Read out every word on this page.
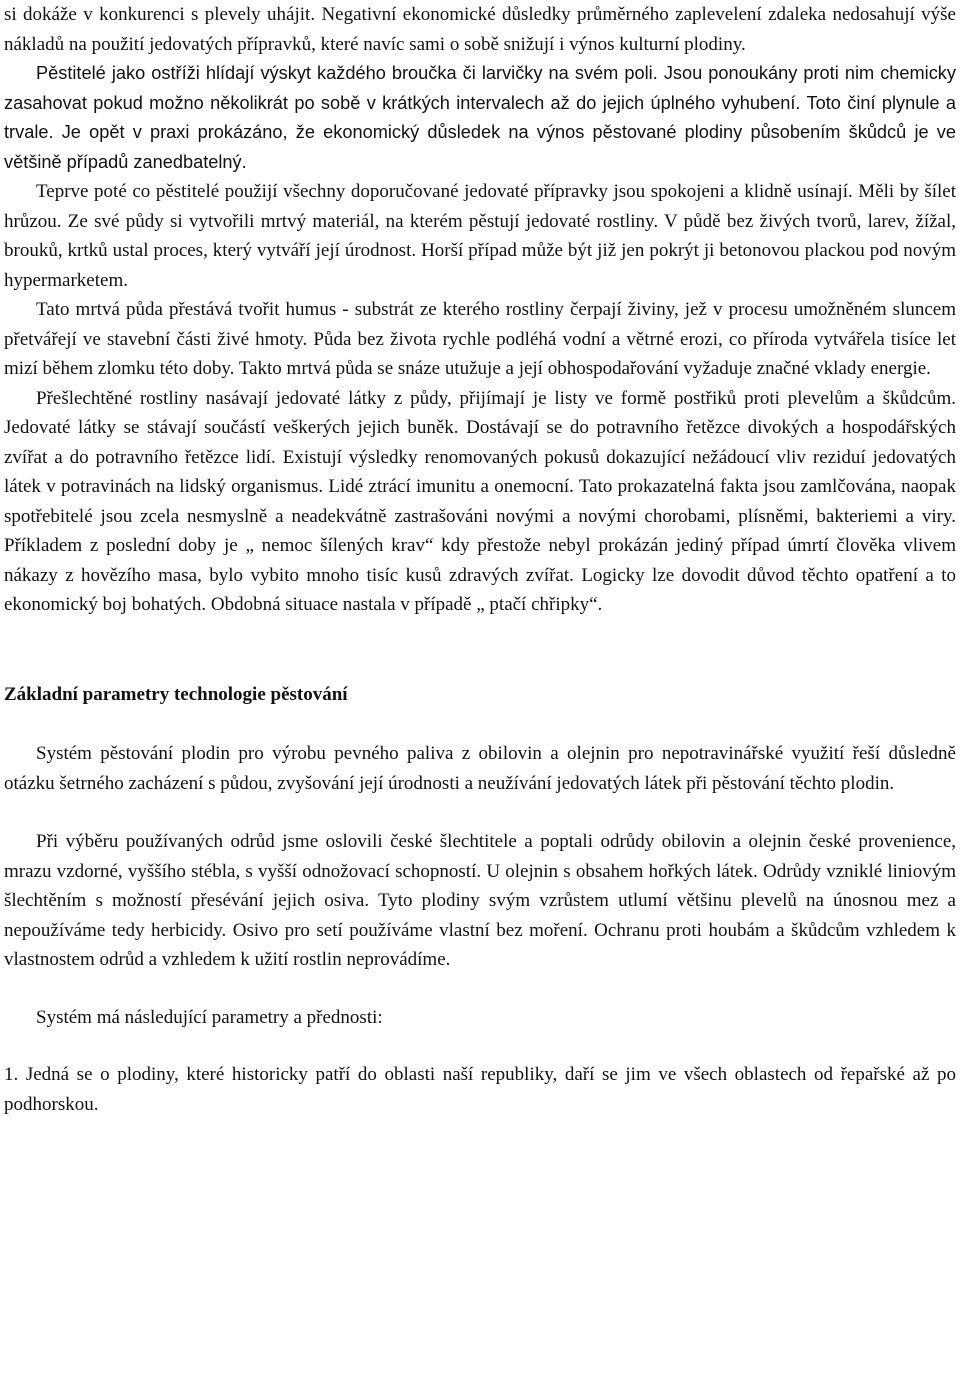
si dokáže v konkurenci s plevely uhájit. Negativní ekonomické důsledky průměrného zaplevelení zdaleka nedosahují výše nákladů na použití jedovatých přípravků, které navíc sami o sobě snižují i výnos kulturní plodiny.

Pěstitelé jako ostříži hlídají výskyt každého broučka či larvičky na svém poli. Jsou ponoukány proti nim chemicky zasahovat pokud možno několikrát po sobě v krátkých intervalech až do jejich úplného vyhubení. Toto činí plynule a trvale. Je opět v praxi prokázáno, že ekonomický důsledek na výnos pěstované plodiny působením škůdců je ve většině případů zanedbatelný.

Teprve poté co pěstitelé použijí všechny doporučované jedovaté přípravky jsou spokojeni a klidně usínají. Měli by šílet hrůzou. Ze své půdy si vytvořili mrtvý materiál, na kterém pěstují jedovaté rostliny. V půdě bez živých tvorů, larev, žížal, brouků, krtků ustal proces, který vytváří její úrodnost. Horší případ může být již jen pokrýt ji betonovou plackou pod novým hypermarketem.

Tato mrtvá půda přestává tvořit humus - substrát ze kterého rostliny čerpají živiny, jež v procesu umožněném sluncem přetvářejí ve stavební části živé hmoty. Půda bez života rychle podléhá vodní a větrné erozi, co příroda vytvářela tisíce let mizí během zlomku této doby. Takto mrtvá půda se snáze utužuje a její obhospodařování vyžaduje značné vklady energie.

Přešlechtěné rostliny nasávají jedovaté látky z půdy, přijímají je listy ve formě postřiků proti plevelům a škůdcům. Jedovaté látky se stávají součástí veškerých jejich buněk. Dostávají se do potravního řetězce divokých a hospodářských zvířat a do potravního řetězce lidí. Existují výsledky renomovaných pokusů dokazující nežádoucí vliv reziduí jedovatých látek v potravinách na lidský organismus. Lidé ztrácí imunitu a onemocní. Tato prokazatelná fakta jsou zamlčována, naopak spotřebitelé jsou zcela nesmyslně a neadekvátně zastrašováni novými a novými chorobami, plísněmi, bakteriemi a viry. Příkladem z poslední doby je „ nemoc šílených krav“ kdy přestože nebyl prokázán jediný případ úmrtí člověka vlivem nákazy z hovězího masa, bylo vybito mnoho tisíc kusů zdravých zvířat. Logicky lze dovodit důvod těchto opatření a to ekonomický boj bohatých. Obdobná situace nastala v případě „ ptačí chřipky“.

Základní parametry technologie pěstování

Systém pěstování plodin pro výrobu pevného paliva z obilovin a olejnin pro nepotravinářské využití řeší důsledně otázku šetrného zacházení s půdou, zvyšování její úrodnosti a neužívání jedovatých látek při pěstování těchto plodin.

Při výběru používaných odrůd jsme oslovili české šlechtitele a poptali odrůdy obilovin a olejnin české provenience, mrazu vzdorné, vyššího stébla, s vyšší odnožovací schopností. U olejnin s obsahem hořkých látek. Odrůdy vzniklé liniovým šlechtěním s možností přesévání jejich osiva. Tyto plodiny svým vzrůstem utlumí většinu plevelů na únosnou mez a nepoužíváme tedy herbicidy. Osivo pro setí používáme vlastní bez moření. Ochranu proti houbám a škůdcům vzhledem k vlastnostem odrůd a vzhledem k užití rostlin neprovádíme.

Systém má následující parametry a přednosti:

1. Jedná se o plodiny, které historicky patří do oblasti naší republiky, daří se jim ve všech oblastech od řepařské až po podhorskou.
